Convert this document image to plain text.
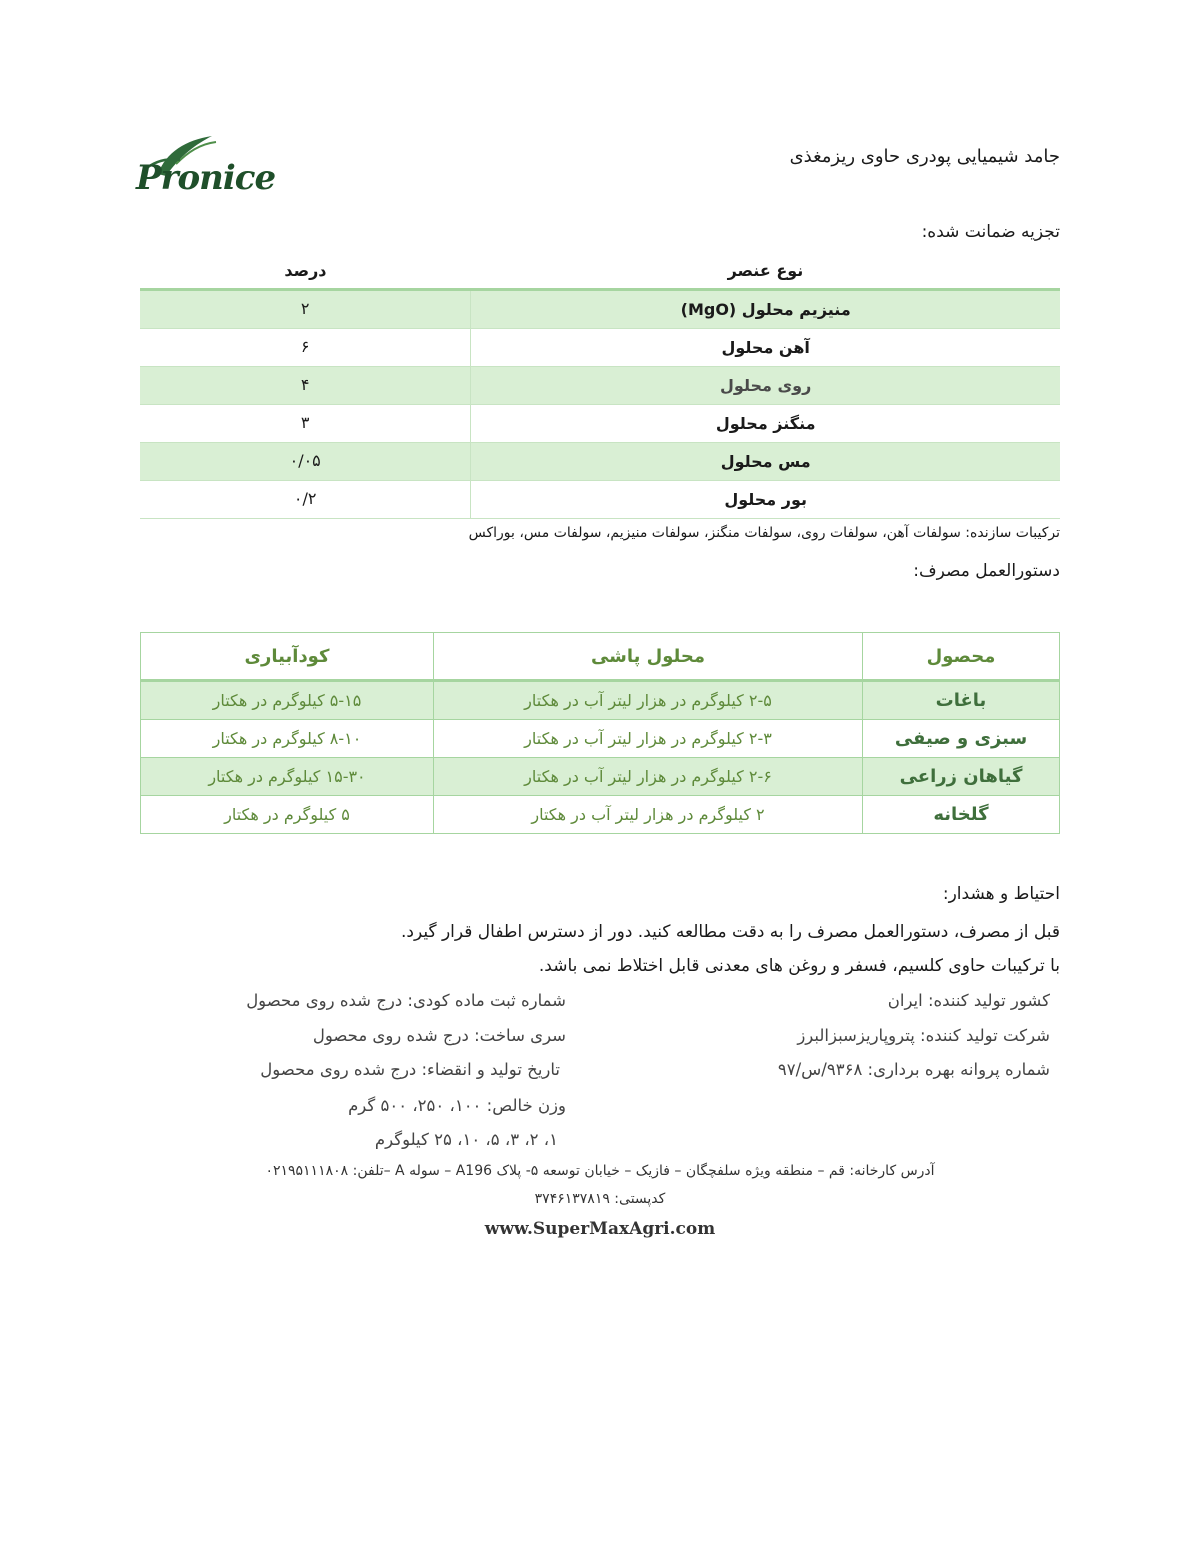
Pronice
جامد شیمیایی پودری حاوی ریزمغذی
تجزیه ضمانت شده:
نوع عنصر	درصد
منیزیم محلول (MgO)	۲
آهن محلول	۶
روی محلول	۴
منگنز محلول	۳
مس محلول	۰/۰۵
بور محلول	۰/۲
ترکیبات سازنده: سولفات آهن، سولفات روی، سولفات منگنز، سولفات منیزیم، سولفات مس، بوراکس
دستورالعمل مصرف:
محصول	محلول پاشی	کودآبیاری
باغات	۲-۵ کیلوگرم در هزار لیتر آب در هکتار	۵-۱۵ کیلوگرم در هکتار
سبزی و صیفی	۲-۳ کیلوگرم در هزار لیتر آب در هکتار	۸-۱۰ کیلوگرم در هکتار
گیاهان زراعی	۲-۶ کیلوگرم در هزار لیتر آب در هکتار	۱۵-۳۰ کیلوگرم در هکتار
گلخانه	۲ کیلوگرم در هزار لیتر آب در هکتار	۵ کیلوگرم در هکتار
احتیاط و هشدار:
قبل از مصرف، دستورالعمل مصرف را به دقت مطالعه کنید. دور از دسترس اطفال قرار گیرد.
با ترکیبات حاوی کلسیم، فسفر و روغن های معدنی قابل اختلاط نمی باشد.
کشور تولید کننده: ایران
شرکت تولید کننده: پتروپاریزسبزالبرز
شماره پروانه بهره برداری: ۹۳۶۸/س/۹۷
شماره ثبت ماده کودی: درج شده روی محصول
سری ساخت: درج شده روی محصول
تاریخ تولید و انقضاء: درج شده روی محصول
وزن خالص: ۱۰۰، ۲۵۰، ۵۰۰ گرم
۱، ۲، ۳، ۵، ۱۰، ۲۵ کیلوگرم
آدرس کارخانه: قم – منطقه ویژه سلفچگان – فازیک – خیابان توسعه ۵- پلاک A196 – سوله A –تلفن: ۰۲۱۹۵۱۱۱۸۰۸
کدپستی: ۳۷۴۶۱۳۷۸۱۹
www.SuperMaxAgri.com
